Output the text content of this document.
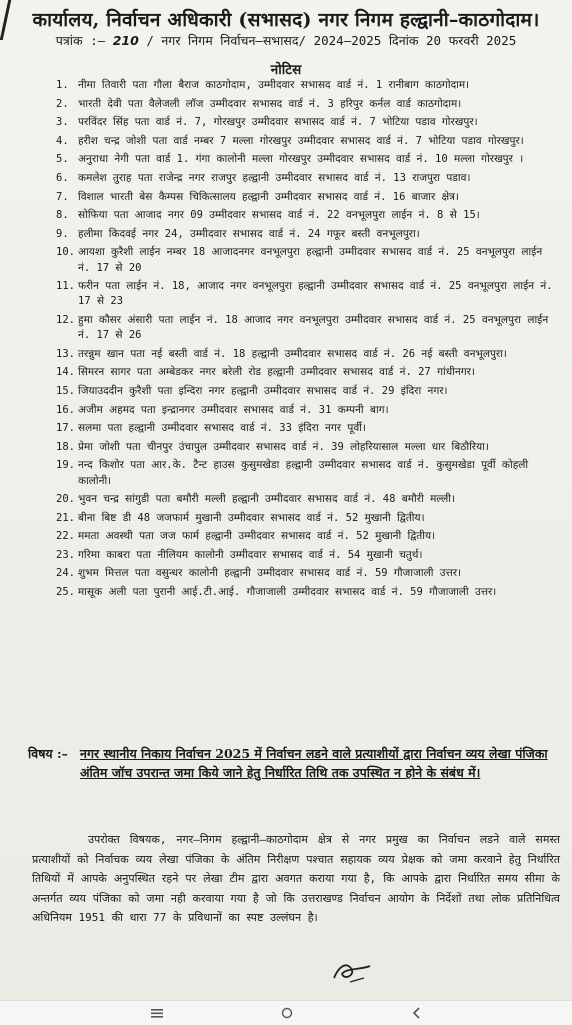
कार्यालय, निर्वाचन अधिकारी (सभासद) नगर निगम हल्द्वानी–काठगोदाम।
पत्रांक :– 210 / नगर निगम निर्वाचन–सभासद/ 2024–2025 दिनांक 20 फरवरी 2025
नोटिस
1. नीमा तिवारी पता गौला बैराज काठगोदाम, उम्मीदवार सभासद वार्ड नं. 1 रानीबाग काठगोदाम।
2. भारती देवी पता वैलेजली लॉज उम्मीदवार सभासद वार्ड नं. 3 हरिपुर कर्नल वार्ड काठगोदाम।
3. परविंदर सिंह पता वार्ड नं. 7, गोरखपुर उम्मीदवार सभासद वार्ड नं. 7 भोटिया पडाव गोरखपुर।
4. हरीश चन्द्र जोशी पता वार्ड नम्बर 7 मल्ला गोरखपुर उम्मीदवार सभासद वार्ड नं. 7 भोटिया पडाव गोरखपुर।
5. अनुराधा नेगी पता वार्ड 1. गंगा कालोनी मल्ला गोरखपुर उम्मीदवार सभासद वार्ड नं. 10 मल्ला गोरखपुर ।
6. कमलेश तुराह पता राजेन्द्र नगर राजपुर हल्द्वानी उम्मीदवार सभासद वार्ड नं. 13 राजपुरा पडाव।
7. विशाल भारती बेस कैम्पस चिकित्सालय हल्द्वानी उम्मीदवार सभासद वार्ड नं. 16 बाजार क्षेत्र।
8. सोफिया पता आजाद नगर 09 उम्मीदवार सभासद वार्ड नं. 22 वनभूलपुरा लाईन नं. 8 से 15।
9. हलीमा किदवई नगर 24, उम्मीदवार सभासद वार्ड नं. 24 गफूर बस्ती वनभूलपुरा।
10. आयशा कुरैशी लाईन नम्बर 18 आजादनगर वनभूलपुरा हल्द्वानी उम्मीदवार सभासद वार्ड नं. 25 वनभूलपुरा लाईन नं. 17 से 20
11. फरीन पता लाईन नं. 18, आजाद नगर वनभूलपुरा हल्द्वानी उम्मीदवार सभासद वार्ड नं. 25 वनभूलपुरा लाईन नं. 17 से 23
12. हुमा कौसर अंसारी पता लाईन नं. 18 आजाद नगर वनभूलपुरा उम्मीदवार सभासद वार्ड नं. 25 वनभूलपुरा लाईन नं. 17 से 26
13. तरन्नुम खान पता नई बस्ती वार्ड नं. 18 हल्द्वानी उम्मीदवार सभासद वार्ड नं. 26 नई बस्ती वनभूलपुरा।
14. सिमरन सागर पता अम्बेडकर नगर बरेली रोड हल्द्वानी उम्मीदवार सभासद वार्ड नं. 27 गांधीनगर।
15. जियाउददीन कुरैशी पता इन्दिरा नगर हल्द्वानी उम्मीदवार सभासद वार्ड नं. 29 इंदिरा नगर।
16. अजीम अहमद पता इन्द्रानगर उम्मीदवार सभासद वार्ड नं. 31 कम्पनी बाग।
17. सलमा पता हल्द्वानी उम्मीदवार सभासद वार्ड नं. 33 इंदिरा नगर पूर्वी।
18. प्रेमा जोशी पता चीनपुर उंचापुल उम्मीदवार सभासद वार्ड नं. 39 लोहरियासाल मल्ला धार बिठौरिया।
19. नन्द किशोर पता आर.के. टैन्ट हाउस कुसुमखेडा हल्द्वानी उम्मीदवार सभासद वार्ड नं. कुसुमखेडा पूर्वी कोहली कालोनी।
20. भुवन चन्द्र सांगुडी पता बमौरी मल्ली हल्द्वानी उम्मीदवार सभासद वार्ड नं. 48 बमौरी मल्ली।
21. बीना बिष्ट डी 48 जजफार्म मुखानी उम्मीदवार सभासद वार्ड नं. 52 मुखानी द्वितीय।
22. ममता अवस्थी पता जज फार्म हल्द्वानी उम्मीदवार सभासद वार्ड नं. 52 मुखानी द्वितीय।
23. गरिमा काबरा पता नीलियम कालोनी उम्मीदवार सभासद वार्ड नं. 54 मुखानी चतुर्थ।
24. शुभम मित्तल पता वसुन्धर कालोनी हल्द्वानी उम्मीदवार सभासद वार्ड नं. 59 गौजाजाली उत्तर।
25. मासूक अली पता पुरानी आई.टी.आई. गौजाजाली उम्मीदवार सभासद वार्ड नं. 59 गौजाजाली उत्तर।
विषय :– नगर स्थानीय निकाय निर्वाचन 2025 में निर्वाचन लडने वाले प्रत्याशीयों द्वारा निर्वाचन व्यय लेखा पंजिका अंतिम जॉच उपरान्त जमा किये जाने हेतु निर्धारित तिथि तक उपस्थित न होने के संबंध में।
उपरोक्त विषयक, नगर–निगम हल्द्वानी–काठगोदाम क्षेत्र से नगर प्रमुख का निर्वाचन लडने वाले समस्त प्रत्याशीयों को निर्वाचक व्यय लेखा पंजिका के अंतिम निरीक्षण पश्चात सहायक व्यय प्रेक्षक को जमा करवाने हेतु निर्धारित तिथियों में आपके अनुपस्थित रहने पर लेखा टीम द्वारा अवगत कराया गया है, कि आपके द्वारा निर्धारित समय सीमा के अन्तर्गत व्यय पंजिका को जमा नही करवाया गया है जो कि उत्तराखण्ड निर्वाचन आयोग के निर्देशों तथा लोक प्रतिनिधित्व अधिनियम 1951 की धारा 77 के प्रविधानों का स्पष्ट उल्लंघन है।
